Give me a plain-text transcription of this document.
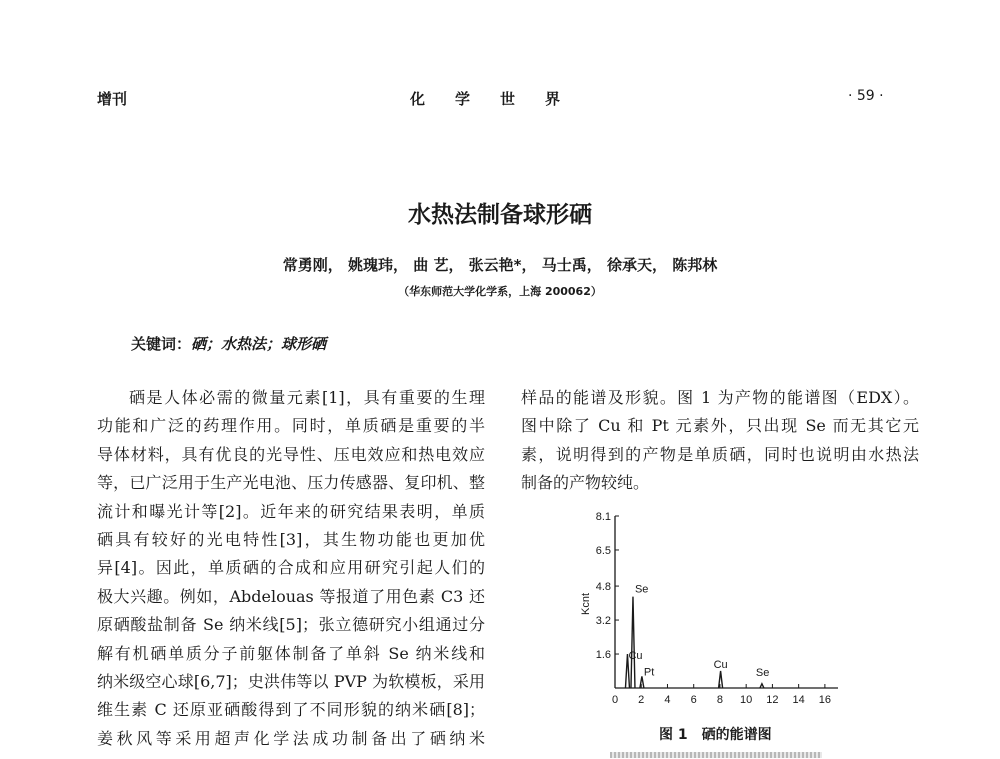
增刊	化学世界	· 59 ·
水热法制备球形硒
常勇刚， 姚瑰玮， 曲 艺， 张云艳*， 马士禹， 徐承天， 陈邦林
（华东师范大学化学系，上海 200062）
关键词：硒；水热法；球形硒

硒是人体必需的微量元素[1]，具有重要的生理

功能和广泛的药理作用。同时，单质硒是重要的半

导体材料，具有优良的光导性、压电效应和热电效应

等，已广泛用于生产光电池、压力传感器、复印机、整

流计和曝光计等[2]。近年来的研究结果表明，单质

硒具有较好的光电特性[3]，其生物功能也更加优

异[4]。因此，单质硒的合成和应用研究引起人们的

极大兴趣。例如，Abdelouas 等报道了用色素 C3 还

原硒酸盐制备 Se 纳米线[5]；张立德研究小组通过分

解有机硒单质分子前躯体制备了单斜 Se 纳米线和

纳米级空心球[6,7]；史洪伟等以 PVP 为软模板，采用

维生素 C 还原亚硒酸得到了不同形貌的纳米硒[8]；

姜秋风等采用超声化学法成功制备出了硒纳米

样品的能谱及形貌。图 1 为产物的能谱图（EDX）。

图中除了 Cu 和 Pt 元素外，只出现 Se 而无其它元

素，说明得到的产物是单质硒，同时也说明由水热法

制备的产物较纯。

8.1
6.5
4.8
3.2
1.6
0 2 4 6 8 10 12 14 16
Kcnt
Cu
Se
Pt
Cu
Se
图 1　硒的能谱图
